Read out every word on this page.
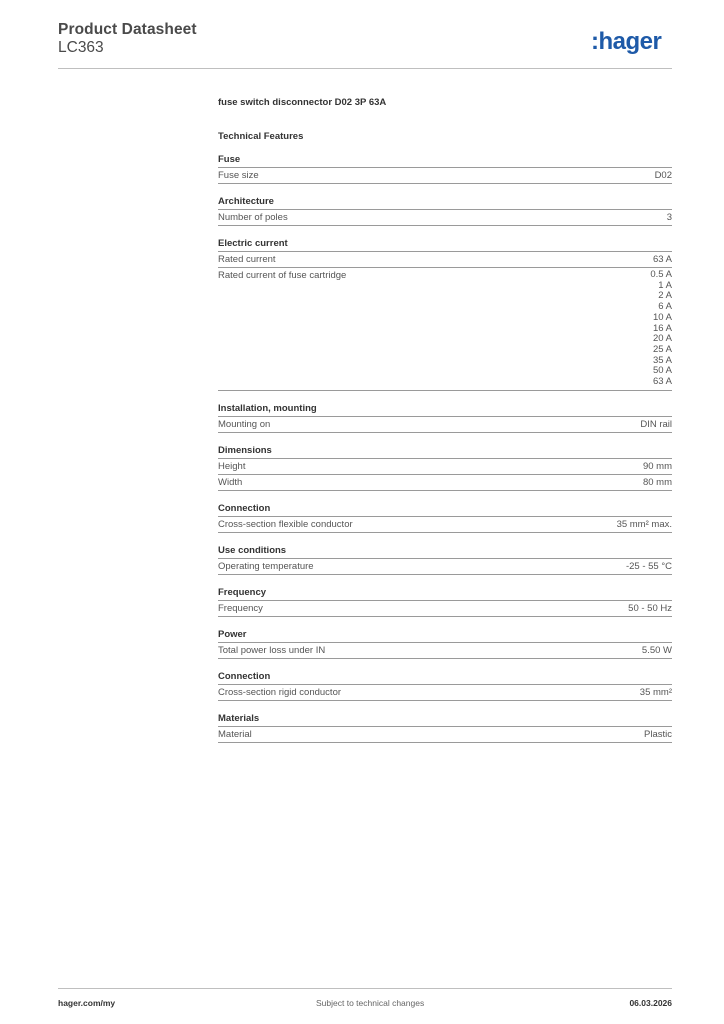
Product Datasheet
LC363	:hager
fuse switch disconnector D02 3P 63A
Technical Features
Fuse
Fuse size	D02
Architecture
Number of poles	3
Electric current
Rated current	63 A
Rated current of fuse cartridge	0.5 A
1 A
2 A
6 A
10 A
16 A
20 A
25 A
35 A
50 A
63 A
Installation, mounting
Mounting on	DIN rail
Dimensions
Height	90 mm
Width	80 mm
Connection
Cross-section flexible conductor	35 mm² max.
Use conditions
Operating temperature	-25 - 55 °C
Frequency
Frequency	50 - 50 Hz
Power
Total power loss under IN	5.50 W
Connection
Cross-section rigid conductor	35 mm²
Materials
Material	Plastic
hager.com/my	Subject to technical changes	06.03.2026
